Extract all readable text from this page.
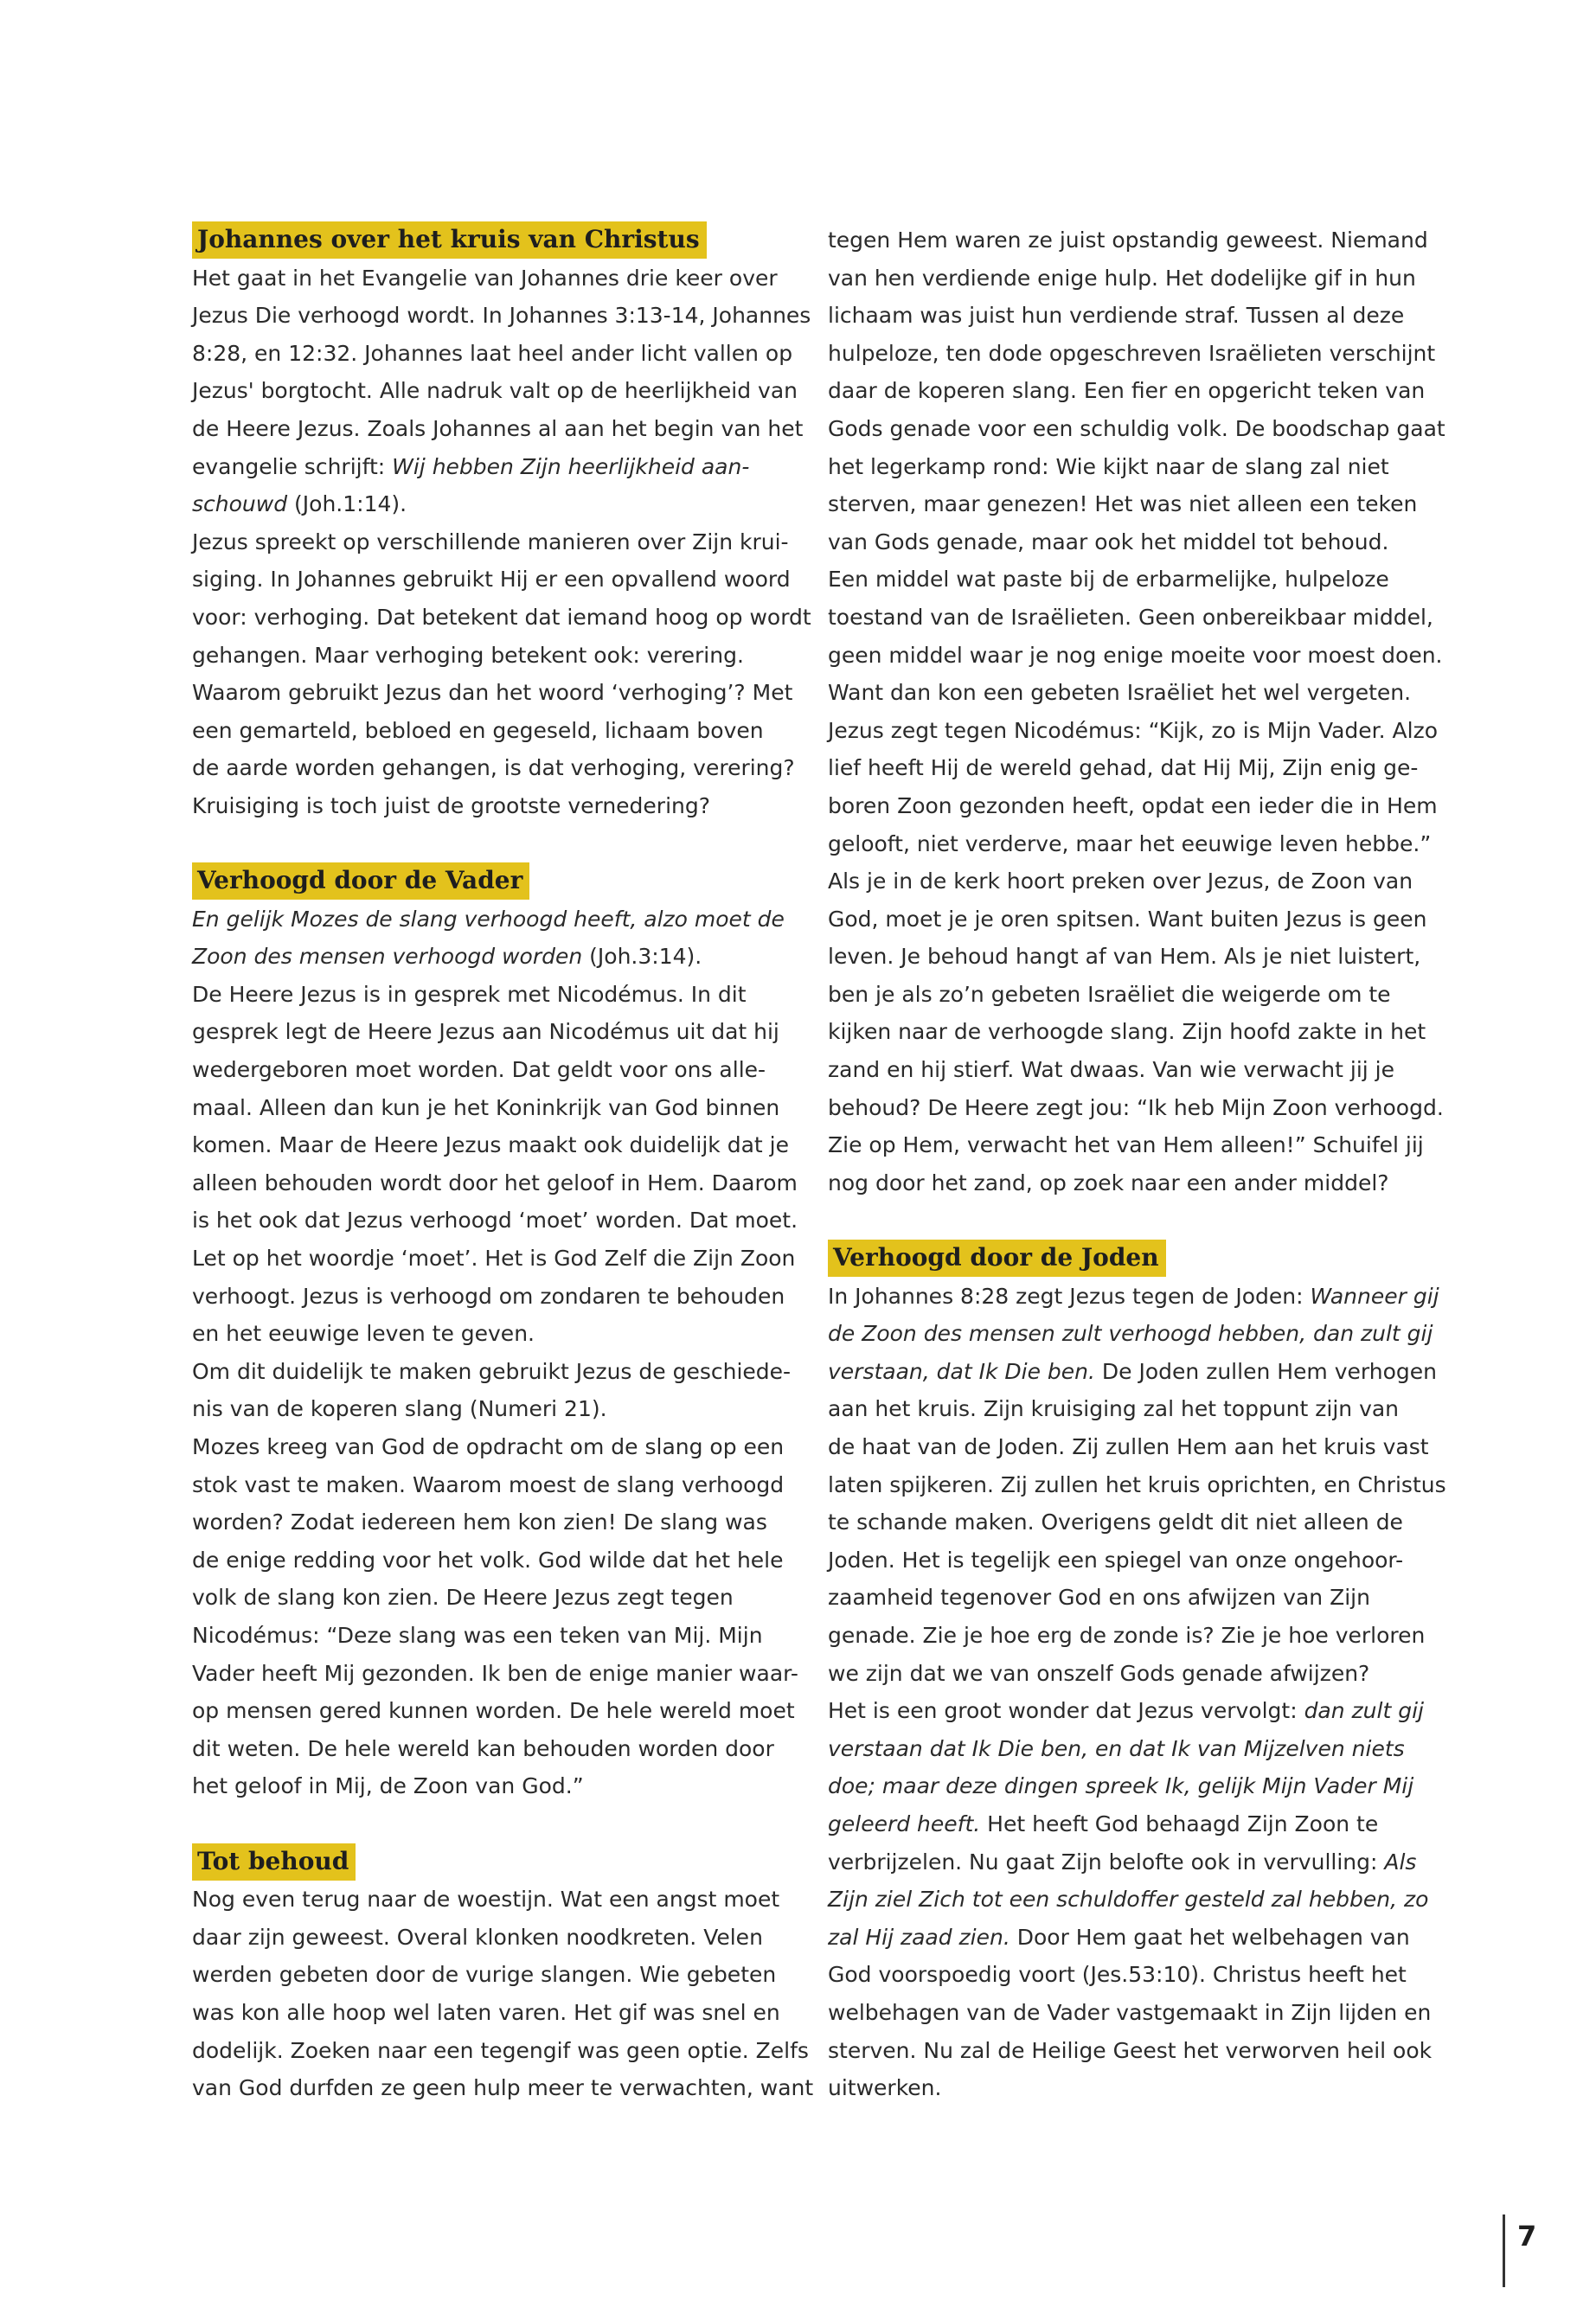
Johannes over het kruis van Christus
Het gaat in het Evangelie van Johannes drie keer over
Jezus Die verhoogd wordt. In Johannes 3:13-14, Johannes
8:28, en 12:32. Johannes laat heel ander licht vallen op
Jezus' borgtocht. Alle nadruk valt op de heerlijkheid van
de Heere Jezus. Zoals Johannes al aan het begin van het
evangelie schrijft: Wij hebben Zijn heerlijkheid aan-
schouwd (Joh.1:14).
Jezus spreekt op verschillende manieren over Zijn krui-
siging. In Johannes gebruikt Hij er een opvallend woord
voor: verhoging. Dat betekent dat iemand hoog op wordt
gehangen. Maar verhoging betekent ook: verering.
Waarom gebruikt Jezus dan het woord ‘verhoging’? Met
een gemarteld, bebloed en gegeseld, lichaam boven
de aarde worden gehangen, is dat verhoging, verering?
Kruisiging is toch juist de grootste vernedering?
Verhoogd door de Vader
En gelijk Mozes de slang verhoogd heeft, alzo moet de
Zoon des mensen verhoogd worden (Joh.3:14).
De Heere Jezus is in gesprek met Nicodémus. In dit
gesprek legt de Heere Jezus aan Nicodémus uit dat hij
wedergeboren moet worden. Dat geldt voor ons alle-
maal. Alleen dan kun je het Koninkrijk van God binnen
komen. Maar de Heere Jezus maakt ook duidelijk dat je
alleen behouden wordt door het geloof in Hem. Daarom
is het ook dat Jezus verhoogd ‘moet’ worden. Dat moet.
Let op het woordje ‘moet’. Het is God Zelf die Zijn Zoon
verhoogt. Jezus is verhoogd om zondaren te behouden
en het eeuwige leven te geven.
Om dit duidelijk te maken gebruikt Jezus de geschiede-
nis van de koperen slang (Numeri 21).
Mozes kreeg van God de opdracht om de slang op een
stok vast te maken. Waarom moest de slang verhoogd
worden? Zodat iedereen hem kon zien! De slang was
de enige redding voor het volk. God wilde dat het hele
volk de slang kon zien. De Heere Jezus zegt tegen
Nicodémus: “Deze slang was een teken van Mij. Mijn
Vader heeft Mij gezonden. Ik ben de enige manier waar-
op mensen gered kunnen worden. De hele wereld moet
dit weten. De hele wereld kan behouden worden door
het geloof in Mij, de Zoon van God.”
Tot behoud
Nog even terug naar de woestijn. Wat een angst moet
daar zijn geweest. Overal klonken noodkreten. Velen
werden gebeten door de vurige slangen. Wie gebeten
was kon alle hoop wel laten varen. Het gif was snel en
dodelijk. Zoeken naar een tegengif was geen optie. Zelfs
van God durfden ze geen hulp meer te verwachten, want
tegen Hem waren ze juist opstandig geweest. Niemand
van hen verdiende enige hulp. Het dodelijke gif in hun
lichaam was juist hun verdiende straf. Tussen al deze
hulpeloze, ten dode opgeschreven Israëlieten verschijnt
daar de koperen slang. Een fier en opgericht teken van
Gods genade voor een schuldig volk. De boodschap gaat
het legerkamp rond: Wie kijkt naar de slang zal niet
sterven, maar genezen! Het was niet alleen een teken
van Gods genade, maar ook het middel tot behoud.
Een middel wat paste bij de erbarmelijke, hulpeloze
toestand van de Israëlieten. Geen onbereikbaar middel,
geen middel waar je nog enige moeite voor moest doen.
Want dan kon een gebeten Israëliet het wel vergeten.
Jezus zegt tegen Nicodémus: “Kijk, zo is Mijn Vader. Alzo
lief heeft Hij de wereld gehad, dat Hij Mij, Zijn enig ge-
boren Zoon gezonden heeft, opdat een ieder die in Hem
gelooft, niet verderve, maar het eeuwige leven hebbe.”
Als je in de kerk hoort preken over Jezus, de Zoon van
God, moet je je oren spitsen. Want buiten Jezus is geen
leven. Je behoud hangt af van Hem. Als je niet luistert,
ben je als zo’n gebeten Israëliet die weigerde om te
kijken naar de verhoogde slang. Zijn hoofd zakte in het
zand en hij stierf. Wat dwaas. Van wie verwacht jij je
behoud? De Heere zegt jou: “Ik heb Mijn Zoon verhoogd.
Zie op Hem, verwacht het van Hem alleen!” Schuifel jij
nog door het zand, op zoek naar een ander middel?
Verhoogd door de Joden
In Johannes 8:28 zegt Jezus tegen de Joden: Wanneer gij
de Zoon des mensen zult verhoogd hebben, dan zult gij
verstaan, dat Ik Die ben. De Joden zullen Hem verhogen
aan het kruis. Zijn kruisiging zal het toppunt zijn van
de haat van de Joden. Zij zullen Hem aan het kruis vast
laten spijkeren. Zij zullen het kruis oprichten, en Christus
te schande maken. Overigens geldt dit niet alleen de
Joden. Het is tegelijk een spiegel van onze ongehoor-
zaamheid tegenover God en ons afwijzen van Zijn
genade. Zie je hoe erg de zonde is? Zie je hoe verloren
we zijn dat we van onszelf Gods genade afwijzen?
Het is een groot wonder dat Jezus vervolgt: dan zult gij
verstaan dat Ik Die ben, en dat Ik van Mijzelven niets
doe; maar deze dingen spreek Ik, gelijk Mijn Vader Mij
geleerd heeft. Het heeft God behaagd Zijn Zoon te
verbrijzelen. Nu gaat Zijn belofte ook in vervulling: Als
Zijn ziel Zich tot een schuldoffer gesteld zal hebben, zo
zal Hij zaad zien. Door Hem gaat het welbehagen van
God voorspoedig voort (Jes.53:10). Christus heeft het
welbehagen van de Vader vastgemaakt in Zijn lijden en
sterven. Nu zal de Heilige Geest het verworven heil ook
uitwerken.
7
